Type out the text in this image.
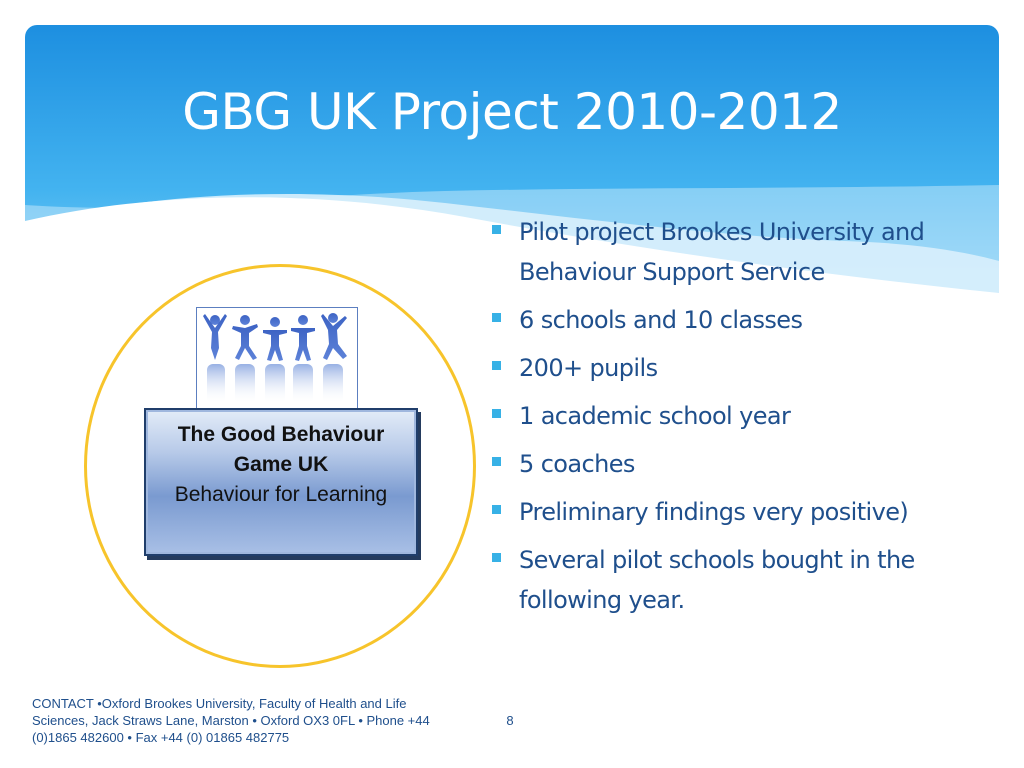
GBG UK Project 2010-2012
The Good Behaviour Game UK
Behaviour for Learning
Pilot project Brookes University and Behaviour Support Service
6 schools and 10 classes
200+ pupils
1 academic school year
5 coaches
Preliminary findings very positive)
Several pilot schools bought in the following year.
CONTACT •Oxford Brookes University, Faculty of Health and Life Sciences, Jack Straws Lane, Marston • Oxford OX3 0FL • Phone +44 (0)1865 482600 • Fax +44 (0) 01865 482775
8
